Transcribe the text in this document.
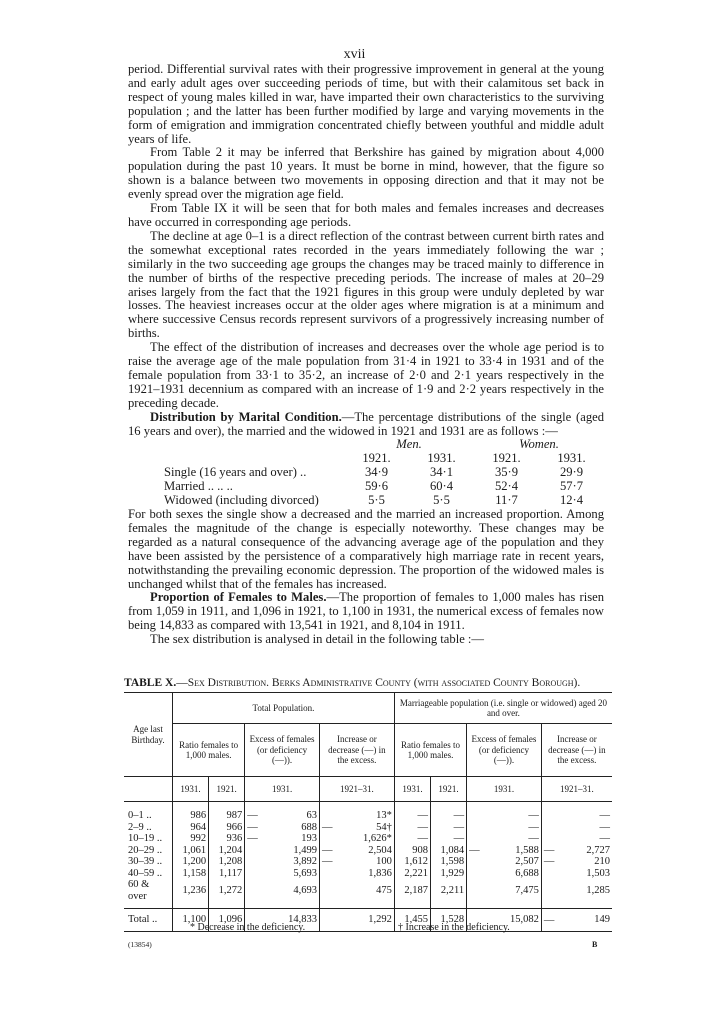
xvii

period. Differential survival rates with their progressive improvement in general at the young and early adult ages over succeeding periods of time, but with their calamitous set back in respect of young males killed in war, have imparted their own characteristics to the surviving population ; and the latter has been further modified by large and varying movements in the form of emigration and immigration concentrated chiefly between youthful and middle adult years of life.

From Table 2 it may be inferred that Berkshire has gained by migration about 4,000 population during the past 10 years. It must be borne in mind, however, that the figure so shown is a balance between two movements in opposing direction and that it may not be evenly spread over the migration age field.

From Table IX it will be seen that for both males and females increases and decreases have occurred in corresponding age periods.

The decline at age 0–1 is a direct reflection of the contrast between current birth rates and the somewhat exceptional rates recorded in the years immediately following the war ; similarly in the two succeeding age groups the changes may be traced mainly to difference in the number of births of the respective preceding periods. The increase of males at 20–29 arises largely from the fact that the 1921 figures in this group were unduly depleted by war losses. The heaviest increases occur at the older ages where migration is at a minimum and where successive Census records represent survivors of a progressively increasing number of births.

The effect of the distribution of increases and decreases over the whole age period is to raise the average age of the male population from 31·4 in 1921 to 33·4 in 1931 and of the female population from 33·1 to 35·2, an increase of 2·0 and 2·1 years respectively in the 1921–1931 decennium as compared with an increase of 1·9 and 2·2 years respectively in the preceding decade.

Distribution by Marital Condition.—The percentage distributions of the single (aged 16 years and over), the married and the widowed in 1921 and 1931 are as follows :—

	Men.		Women.	
	1921.	1931.	1921.	1931.
Single (16 years and over) ..	34·9	34·1	35·9	29·9
Married .. .. ..	59·6	60·4	52·4	57·7
Widowed (including divorced)	5·5	5·5	11·7	12·4

For both sexes the single show a decreased and the married an increased proportion. Among females the magnitude of the change is especially noteworthy. These changes may be regarded as a natural consequence of the advancing average age of the population and they have been assisted by the persistence of a comparatively high marriage rate in recent years, notwithstanding the prevailing economic depression. The proportion of the widowed males is unchanged whilst that of the females has increased.

Proportion of Females to Males.—The proportion of females to 1,000 males has risen from 1,059 in 1911, and 1,096 in 1921, to 1,100 in 1931, the numerical excess of females now being 14,833 as compared with 13,541 in 1921, and 8,104 in 1911.

The sex distribution is analysed in detail in the following table :—

TABLE X.—Sex Distribution. Berks Administrative County (with associated County Borough).
Age last Birthday.	Total Population.						Marriageable population (i.e. single or widowed) aged 20 and over.					
	Ratio females to 1,000 males.		Excess of females (or deficiency (—)).		Increase or decrease (—) in the excess.		Ratio females to 1,000 males.		Excess of females (or deficiency (—)).		Increase or decrease (—) in the excess.	
	1931.	1921.	1931.		1921–31.		1931.	1921.	1931.		1921–31.	

0–1 ..	986	987	—	63		13*	—	—		—		—
2–9 ..	964	966	—	688	—	54†	—	—		—		—
10–19 ..	992	936	—	193		1,626*	—	—		—		—
20–29 ..	1,061	1,204		1,499	—	2,504	908	1,084	—	1,588	—	2,727
30–39 ..	1,200	1,208		3,892	—	100	1,612	1,598		2,507	—	210
40–59 ..	1,158	1,117		5,693		1,836	2,221	1,929		6,688		1,503
60 & over	1,236	1,272		4,693		475	2,187	2,211		7,475		1,285

Total ..	1,100	1,096		14,833		1,292	1,455	1,528		15,082	—	149
* Decrease in the deficiency.	† Increase in the deficiency.
(13854)	B
